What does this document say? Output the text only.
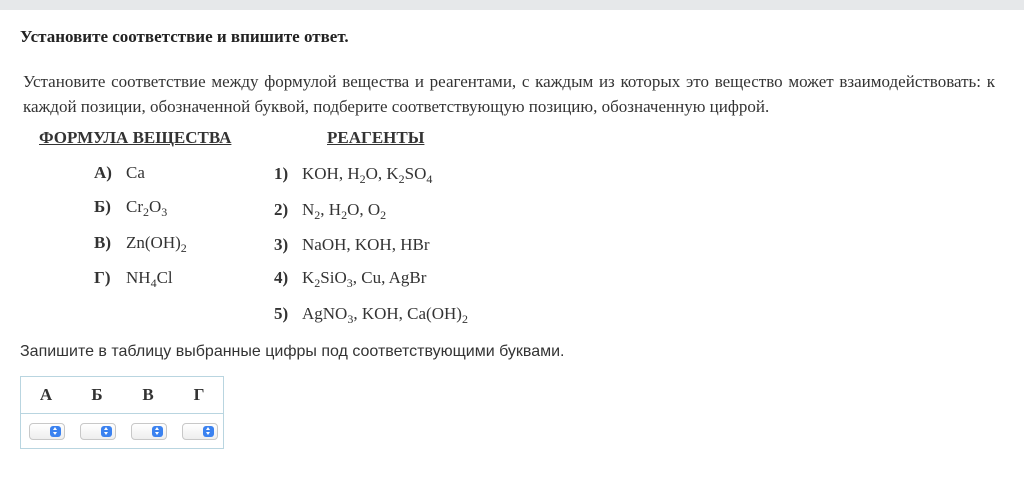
Установите соответствие и впишите ответ.
Установите соответствие между формулой вещества и реагентами, с каждым из которых это вещество может взаимодействовать: к каждой позиции, обозначенной буквой, подберите соответствующую позицию, обозначенную цифрой.
ФОРМУЛА ВЕЩЕСТВА	РЕАГЕНТЫ
А) Ca
Б) $Cr_2O_3$
В) $Zn(OH)_2$
Г) $NH_4Cl$
1) KOH, $H_2O$, $K_2SO_4$
2) $N_2$, $H_2O$, $O_2$
3) NaOH, KOH, HBr
4) $K_2SiO_3$, Cu, AgBr
5) AgNO$_3$, KOH, $Ca(OH)_2$
Запишите в таблицу выбранные цифры под соответствующими буквами.
А	Б	В	Г
